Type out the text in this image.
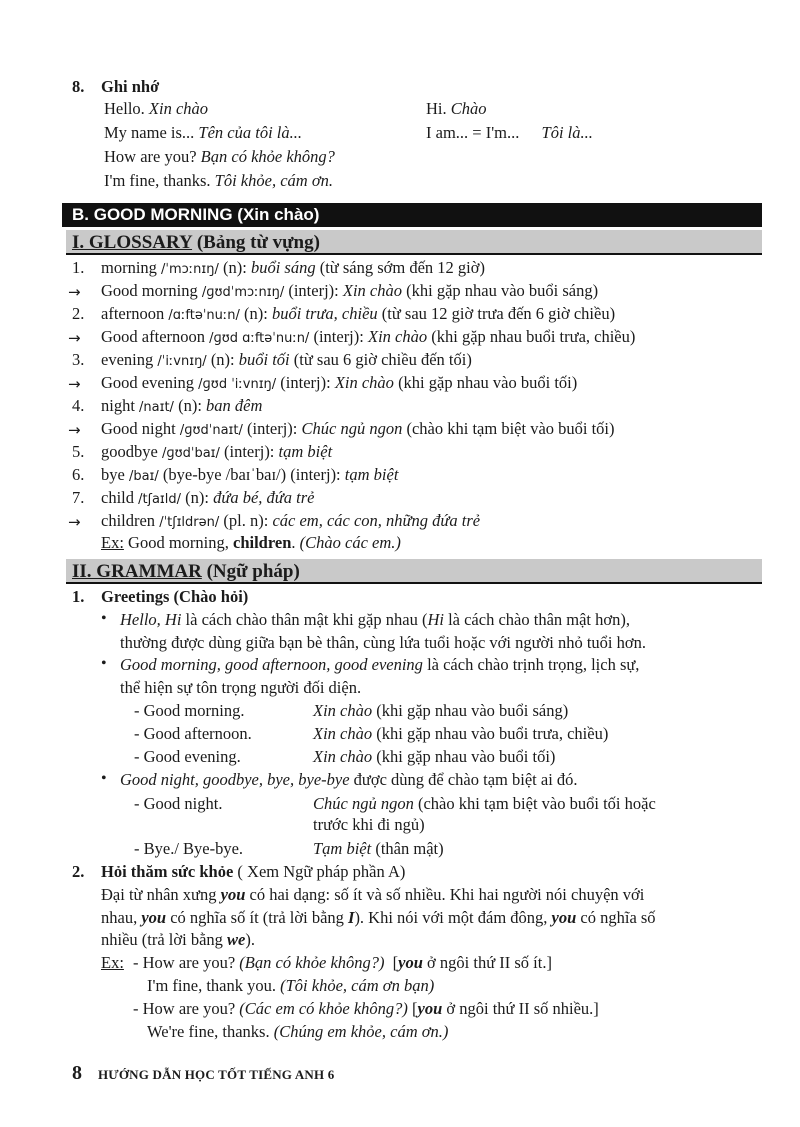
8. Ghi nhớ
Hello. Xin chào	Hi. Chào
My name is... Tên của tôi là...	I am... = I'm... Tôi là...
How are you? Bạn có khỏe không?
I'm fine, thanks. Tôi khỏe, cám ơn.
B. GOOD MORNING (Xin chào)
I. GLOSSARY (Bảng từ vựng)
1. morning /ˈmɔːnɪŋ/ (n): buổi sáng (từ sáng sớm đến 12 giờ)
→ Good morning /ɡʊdˈmɔːnɪŋ/ (interj): Xin chào (khi gặp nhau vào buổi sáng)
2. afternoon /ɑːftəˈnuːn/ (n): buổi trưa, chiều (từ sau 12 giờ trưa đến 6 giờ chiều)
→ Good afternoon /ɡʊd ɑːftəˈnuːn/ (interj): Xin chào (khi gặp nhau buổi trưa, chiều)
3. evening /ˈiːvnɪŋ/ (n): buổi tối (từ sau 6 giờ chiều đến tối)
→ Good evening /ɡʊd ˈiːvnɪŋ/ (interj): Xin chào (khi gặp nhau vào buổi tối)
4. night /naɪt/ (n): ban đêm
→ Good night /ɡʊdˈnaɪt/ (interj): Chúc ngủ ngon (chào khi tạm biệt vào buổi tối)
5. goodbye /ɡʊdˈbaɪ/ (interj): tạm biệt
6. bye /baɪ/ (bye-bye /baɪˈbaɪ/) (interj): tạm biệt
7. child /tʃaɪld/ (n): đứa bé, đứa trẻ
→ children /ˈtʃɪldrən/ (pl. n): các em, các con, những đứa trẻ
Ex: Good morning, children. (Chào các em.)
II. GRAMMAR (Ngữ pháp)
1. Greetings (Chào hỏi)
• Hello, Hi là cách chào thân mật khi gặp nhau (Hi là cách chào thân mật hơn),
thường được dùng giữa bạn bè thân, cùng lứa tuổi hoặc với người nhỏ tuổi hơn.
• Good morning, good afternoon, good evening là cách chào trịnh trọng, lịch sự,
thể hiện sự tôn trọng người đối diện.
- Good morning.	Xin chào (khi gặp nhau vào buổi sáng)
- Good afternoon.	Xin chào (khi gặp nhau vào buổi trưa, chiều)
- Good evening.	Xin chào (khi gặp nhau vào buổi tối)
• Good night, goodbye, bye, bye-bye được dùng để chào tạm biệt ai đó.
- Good night.	Chúc ngủ ngon (chào khi tạm biệt vào buổi tối hoặc
trước khi đi ngủ)
- Bye./ Bye-bye.	Tạm biệt (thân mật)
2. Hỏi thăm sức khỏe ( Xem Ngữ pháp phần A)
Đại từ nhân xưng you có hai dạng: số ít và số nhiều. Khi hai người nói chuyện với
nhau, you có nghĩa số ít (trả lời bằng I). Khi nói với một đám đông, you có nghĩa số
nhiều (trả lời bằng we).
Ex: - How are you? (Bạn có khỏe không?) [you ở ngôi thứ II số ít.]
I'm fine, thank you. (Tôi khỏe, cám ơn bạn)
- How are you? (Các em có khỏe không?) [you ở ngôi thứ II số nhiều.]
We're fine, thanks. (Chúng em khỏe, cám ơn.)
8 HƯỚNG DẪN HỌC TỐT TIẾNG ANH 6
